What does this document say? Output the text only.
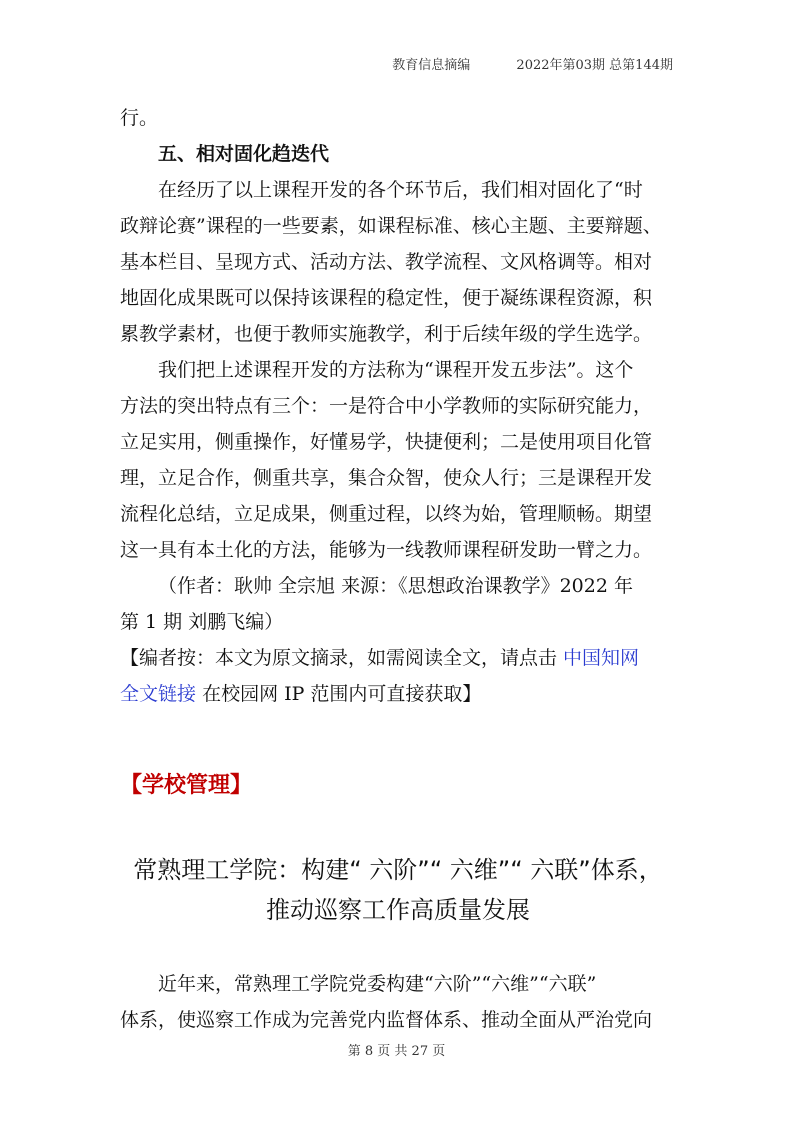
教育信息摘编	2022年第03期 总第144期

行。

五、相对固化趋迭代

在经历了以上课程开发的各个环节后，我们相对固化了“时
政辩论赛”课程的一些要素，如课程标准、核心主题、主要辩题、
基本栏目、呈现方式、活动方法、教学流程、文风格调等。相对
地固化成果既可以保持该课程的稳定性，便于凝练课程资源，积
累教学素材，也便于教师实施教学，利于后续年级的学生选学。
我们把上述课程开发的方法称为“课程开发五步法”。这个
方法的突出特点有三个：一是符合中小学教师的实际研究能力，
立足实用，侧重操作，好懂易学，快捷便利；二是使用项目化管
理，立足合作，侧重共享，集合众智，使众人行；三是课程开发
流程化总结，立足成果，侧重过程，以终为始，管理顺畅。期望
这一具有本土化的方法，能够为一线教师课程研发助一臂之力。
（作者：耿帅 全宗旭 来源：《思想政治课教学》2022 年
第 1 期 刘鹏飞编）
【编者按：本文为原文摘录，如需阅读全文，请点击 中国知网
全文链接 在校园网 IP 范围内可直接获取】
【学校管理】
常熟理工学院：构建“ 六阶”“ 六维”“ 六联”体系，
推动巡察工作高质量发展
近年来，常熟理工学院党委构建“六阶”“六维”“六联”
体系，使巡察工作成为完善党内监督体系、推动全面从严治党向
第 8 页 共 27 页
